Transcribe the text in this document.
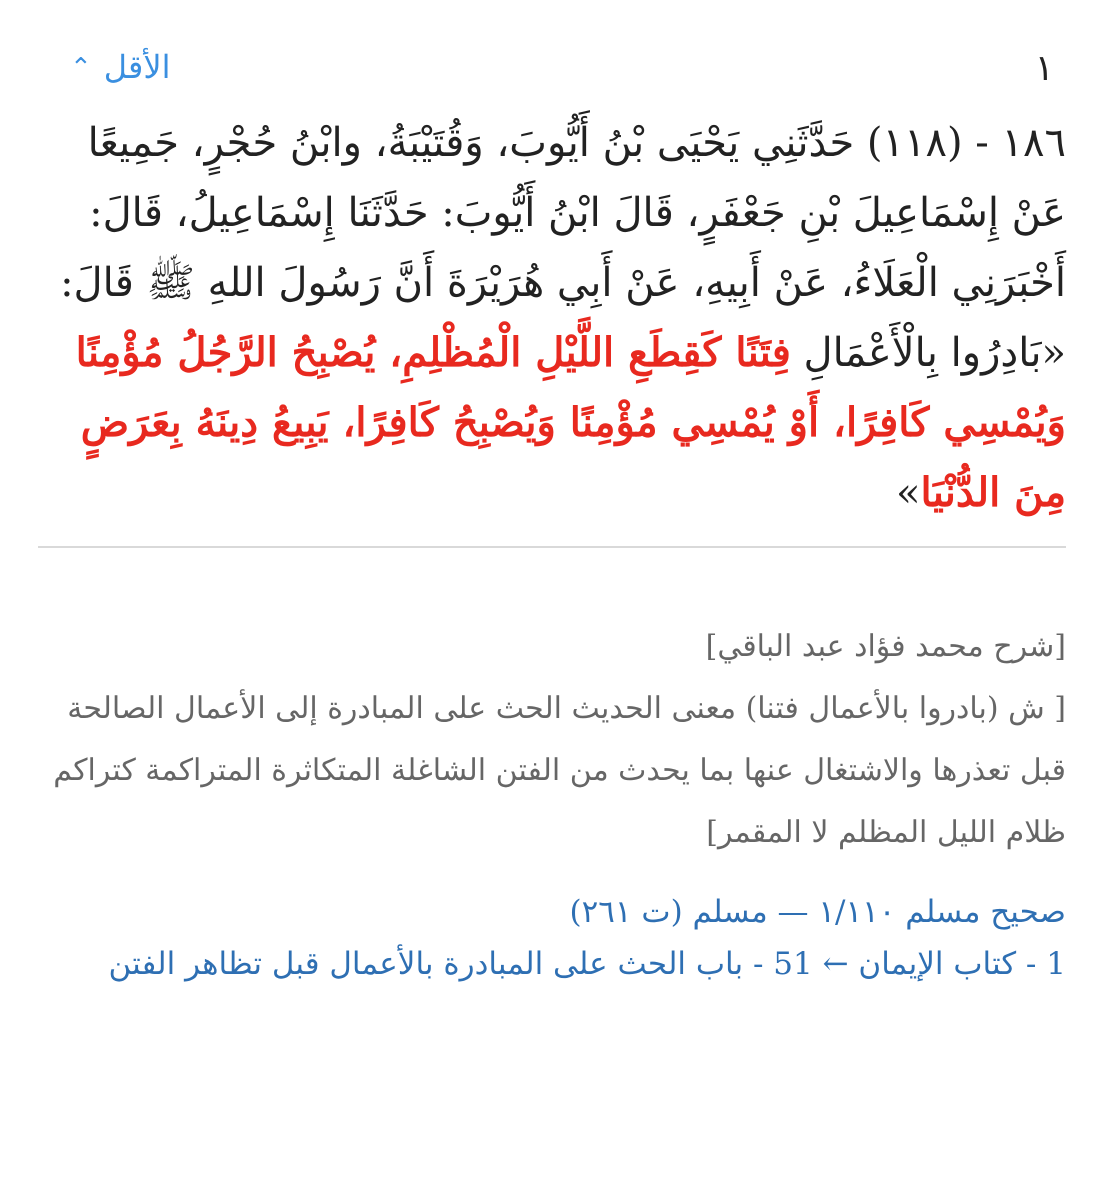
١
الأقل⌃
١٨٦ - (١١٨) حَدَّثَنِي يَحْيَى بْنُ أَيُّوبَ، وَقُتَيْبَةُ، وابْنُ حُجْرٍ، جَمِيعًا عَنْ إِسْمَاعِيلَ بْنِ جَعْفَرٍ، قَالَ ابْنُ أَيُّوبَ: حَدَّثَنَا إِسْمَاعِيلُ، قَالَ: أَخْبَرَنِي الْعَلَاءُ، عَنْ أَبِيهِ، عَنْ أَبِي هُرَيْرَةَ أَنَّ رَسُولَ اللهِ ﷺ قَالَ: «بَادِرُوا بِالْأَعْمَالِ فِتَنًا كَقِطَعِ اللَّيْلِ الْمُظْلِمِ، يُصْبِحُ الرَّجُلُ مُؤْمِنًا وَيُمْسِي كَافِرًا، أَوْ يُمْسِي مُؤْمِنًا وَيُصْبِحُ كَافِرًا، يَبِيعُ دِينَهُ بِعَرَضٍ مِنَ الدُّنْيَا»
[شرح محمد فؤاد عبد الباقي]
[ ش (بادروا بالأعمال فتنا) معنى الحديث الحث على المبادرة إلى الأعمال الصالحة قبل تعذرها والاشتغال عنها بما يحدث من الفتن الشاغلة المتكاثرة المتراكمة كتراكم ظلام الليل المظلم لا المقمر]
صحيح مسلم ١/١١٠ — مسلم (ت ٢٦١)
1 - كتاب الإيمان ← 51 - باب الحث على المبادرة بالأعمال قبل تظاهر الفتن
